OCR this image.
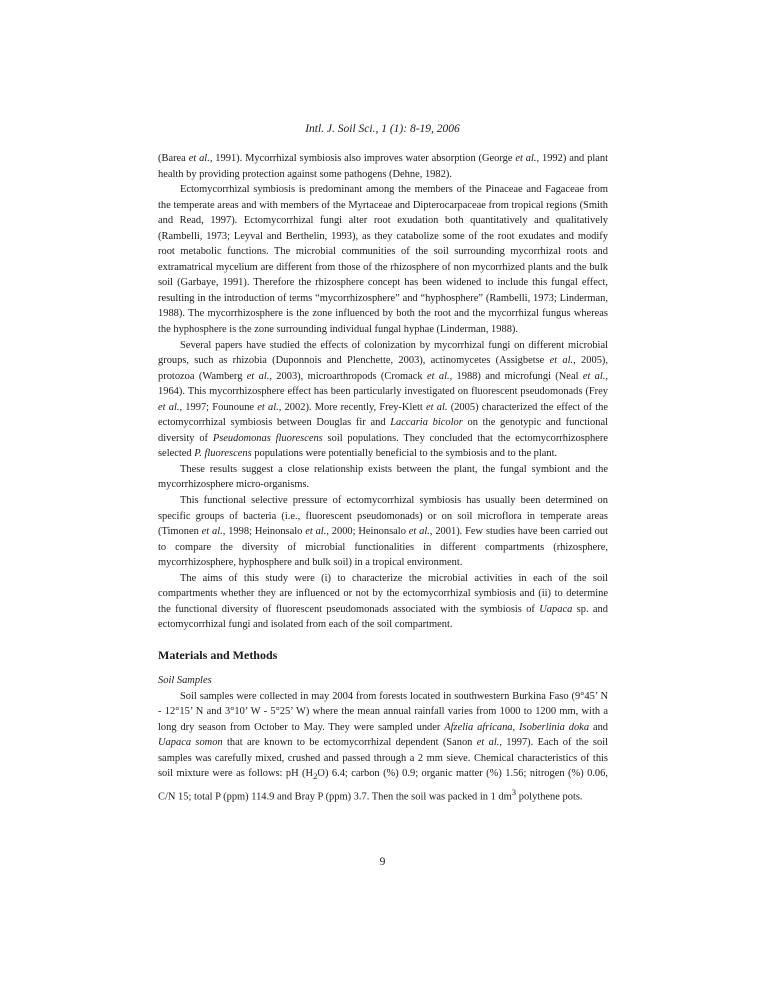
Intl. J. Soil Sci., 1 (1): 8-19, 2006

(Barea et al., 1991). Mycorrhizal symbiosis also improves water absorption (George et al., 1992) and plant health by providing protection against some pathogens (Dehne, 1982).

Ectomycorrhizal symbiosis is predominant among the members of the Pinaceae and Fagaceae from the temperate areas and with members of the Myrtaceae and Dipterocarpaceae from tropical regions (Smith and Read, 1997). Ectomycorrhizal fungi alter root exudation both quantitatively and qualitatively (Rambelli, 1973; Leyval and Berthelin, 1993), as they catabolize some of the root exudates and modify root metabolic functions. The microbial communities of the soil surrounding mycorrhizal roots and extramatrical mycelium are different from those of the rhizosphere of non mycorrhized plants and the bulk soil (Garbaye, 1991). Therefore the rhizosphere concept has been widened to include this fungal effect, resulting in the introduction of terms “mycorrhizosphere” and “hyphosphere” (Rambelli, 1973; Linderman, 1988). The mycorrhizosphere is the zone influenced by both the root and the mycorrhizal fungus whereas the hyphosphere is the zone surrounding individual fungal hyphae (Linderman, 1988).

Several papers have studied the effects of colonization by mycorrhizal fungi on different microbial groups, such as rhizobia (Duponnois and Plenchette, 2003), actinomycetes (Assigbetse et al., 2005), protozoa (Wamberg et al., 2003), microarthropods (Cromack et al., 1988) and microfungi (Neal et al., 1964). This mycorrhizosphere effect has been particularly investigated on fluorescent pseudomonads (Frey et al., 1997; Founoune et al., 2002). More recently, Frey-Klett et al. (2005) characterized the effect of the ectomycorrhizal symbiosis between Douglas fir and Laccaria bicolor on the genotypic and functional diversity of Pseudomonas fluorescens soil populations. They concluded that the ectomycorrhizosphere selected P. fluorescens populations were potentially beneficial to the symbiosis and to the plant.

These results suggest a close relationship exists between the plant, the fungal symbiont and the mycorrhizosphere micro-organisms.

This functional selective pressure of ectomycorrhizal symbiosis has usually been determined on specific groups of bacteria (i.e., fluorescent pseudomonads) or on soil microflora in temperate areas (Timonen et al., 1998; Heinonsalo et al., 2000; Heinonsalo et al., 2001). Few studies have been carried out to compare the diversity of microbial functionalities in different compartments (rhizosphere, mycorrhizosphere, hyphosphere and bulk soil) in a tropical environment.

The aims of this study were (i) to characterize the microbial activities in each of the soil compartments whether they are influenced or not by the ectomycorrhizal symbiosis and (ii) to determine the functional diversity of fluorescent pseudomonads associated with the symbiosis of Uapaca sp. and ectomycorrhizal fungi and isolated from each of the soil compartment.

Materials and Methods
Soil Samples

Soil samples were collected in may 2004 from forests located in southwestern Burkina Faso (9°45’ N - 12°15’ N and 3°10’ W - 5°25’ W) where the mean annual rainfall varies from 1000 to 1200 mm, with a long dry season from October to May. They were sampled under Afzelia africana, Isoberlinia doka and Uapaca somon that are known to be ectomycorrhizal dependent (Sanon et al., 1997). Each of the soil samples was carefully mixed, crushed and passed through a 2 mm sieve. Chemical characteristics of this soil mixture were as follows: pH $(H_2O)$ 6.4; carbon (%) 0.9; organic matter (%) 1.56; nitrogen (%) 0.06, C/N 15; total P (ppm) 114.9 and Bray P (ppm) 3.7. Then the soil was packed in 1 $dm^3$ polythene pots.

9
